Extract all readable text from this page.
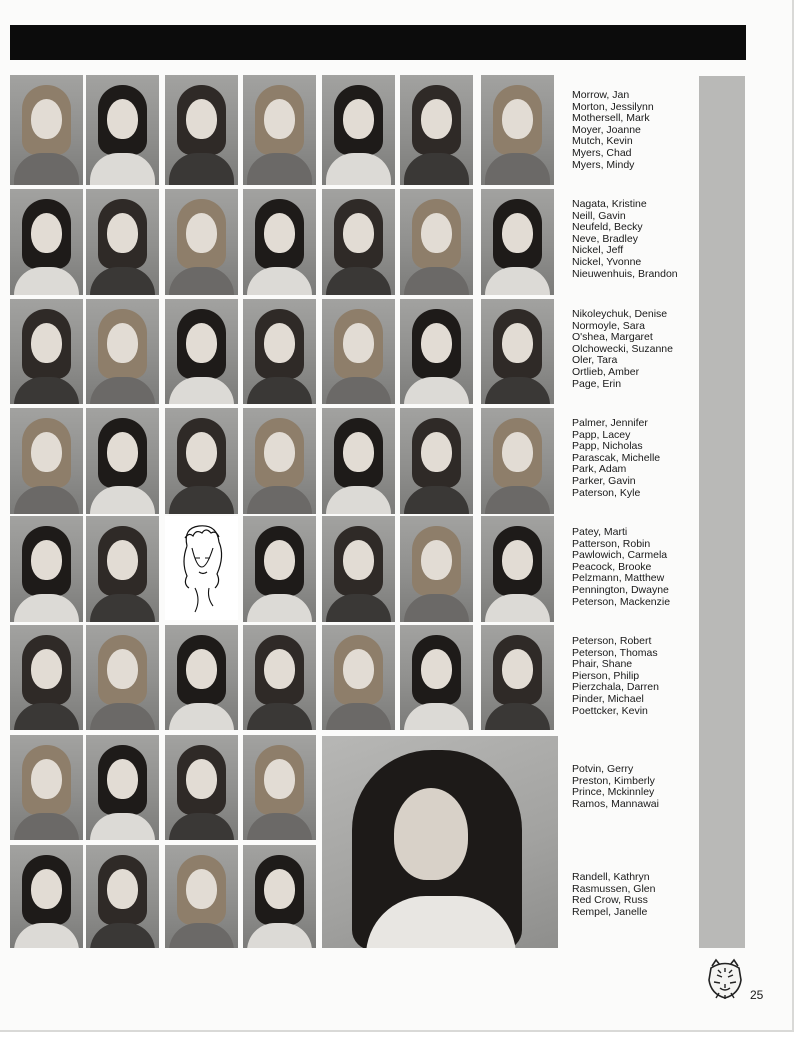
Morrow, Jan
Morton, Jessilynn
Mothersell, Mark
Moyer, Joanne
Mutch, Kevin
Myers, Chad
Myers, Mindy
Nagata, Kristine
Neill, Gavin
Neufeld, Becky
Neve, Bradley
Nickel, Jeff
Nickel, Yvonne
Nieuwenhuis, Brandon
Nikoleychuk, Denise
Normoyle, Sara
O'shea, Margaret
Olchowecki, Suzanne
Oler, Tara
Ortlieb, Amber
Page, Erin
Palmer, Jennifer
Papp, Lacey
Papp, Nicholas
Parascak, Michelle
Park, Adam
Parker, Gavin
Paterson, Kyle
Patey, Marti
Patterson, Robin
Pawlowich, Carmela
Peacock, Brooke
Pelzmann, Matthew
Pennington, Dwayne
Peterson, Mackenzie
Peterson, Robert
Peterson, Thomas
Phair, Shane
Pierson, Philip
Pierzchala, Darren
Pinder, Michael
Poettcker, Kevin
Potvin, Gerry
Preston, Kimberly
Prince, Mckinnley
Ramos, Mannawai
Randell, Kathryn
Rasmussen, Glen
Red Crow, Russ
Rempel, Janelle
25
